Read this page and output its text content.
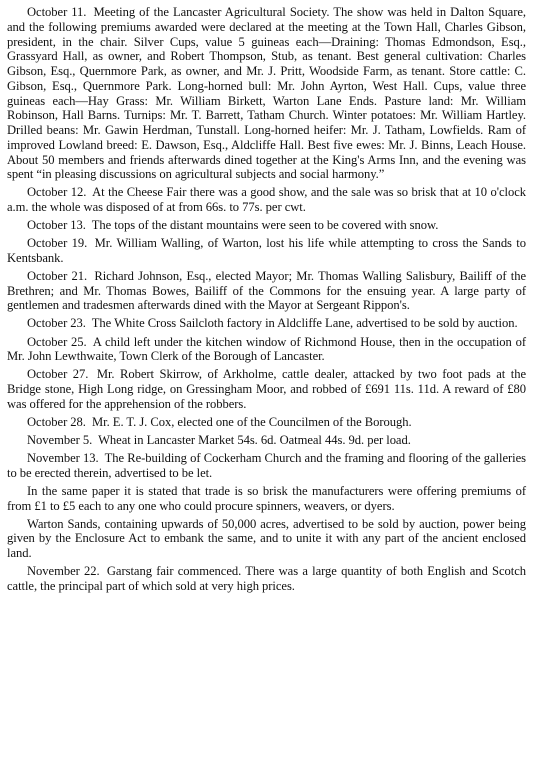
October 11. Meeting of the Lancaster Agricultural Society. The show was held in Dalton Square, and the following premiums awarded were declared at the meeting at the Town Hall, Charles Gibson, president, in the chair. Silver Cups, value 5 guineas each—Draining: Thomas Edmondson, Esq., Grassyard Hall, as owner, and Robert Thompson, Stub, as tenant. Best general cultivation: Charles Gibson, Esq., Quernmore Park, as owner, and Mr. J. Pritt, Woodside Farm, as tenant. Store cattle: C. Gibson, Esq., Quernmore Park. Long-horned bull: Mr. John Ayrton, West Hall. Cups, value three guineas each—Hay Grass: Mr. William Birkett, Warton Lane Ends. Pasture land: Mr. William Robinson, Hall Barns. Turnips: Mr. T. Barrett, Tatham Church. Winter potatoes: Mr. William Hartley. Drilled beans: Mr. Gawin Herdman, Tunstall. Long-horned heifer: Mr. J. Tatham, Lowfields. Ram of improved Lowland breed: E. Dawson, Esq., Aldcliffe Hall. Best five ewes: Mr. J. Binns, Leach House. About 50 members and friends afterwards dined together at the King's Arms Inn, and the evening was spent “in pleasing discussions on agricultural subjects and social harmony.”

October 12. At the Cheese Fair there was a good show, and the sale was so brisk that at 10 o'clock a.m. the whole was disposed of at from 66s. to 77s. per cwt.

October 13. The tops of the distant mountains were seen to be covered with snow.

October 19. Mr. William Walling, of Warton, lost his life while attempting to cross the Sands to Kentsbank.

October 21. Richard Johnson, Esq., elected Mayor; Mr. Thomas Walling Salisbury, Bailiff of the Brethren; and Mr. Thomas Bowes, Bailiff of the Commons for the ensuing year. A large party of gentlemen and tradesmen afterwards dined with the Mayor at Sergeant Rippon's.

October 23. The White Cross Sailcloth factory in Aldcliffe Lane, advertised to be sold by auction.

October 25. A child left under the kitchen window of Richmond House, then in the occupation of Mr. John Lewthwaite, Town Clerk of the Borough of Lancaster.

October 27. Mr. Robert Skirrow, of Arkholme, cattle dealer, attacked by two foot pads at the Bridge stone, High Long ridge, on Gressingham Moor, and robbed of £691 11s. 11d. A reward of £80 was offered for the apprehension of the robbers.

October 28. Mr. E. T. J. Cox, elected one of the Councilmen of the Borough.

November 5. Wheat in Lancaster Market 54s. 6d. Oatmeal 44s. 9d. per load.

November 13. The Re-building of Cockerham Church and the framing and flooring of the galleries to be erected therein, advertised to be let.

In the same paper it is stated that trade is so brisk the manufacturers were offering premiums of from £1 to £5 each to any one who could procure spinners, weavers, or dyers.

Warton Sands, containing upwards of 50,000 acres, advertised to be sold by auction, power being given by the Enclosure Act to embank the same, and to unite it with any part of the ancient enclosed land.

November 22. Garstang fair commenced. There was a large quantity of both English and Scotch cattle, the principal part of which sold at very high prices.
